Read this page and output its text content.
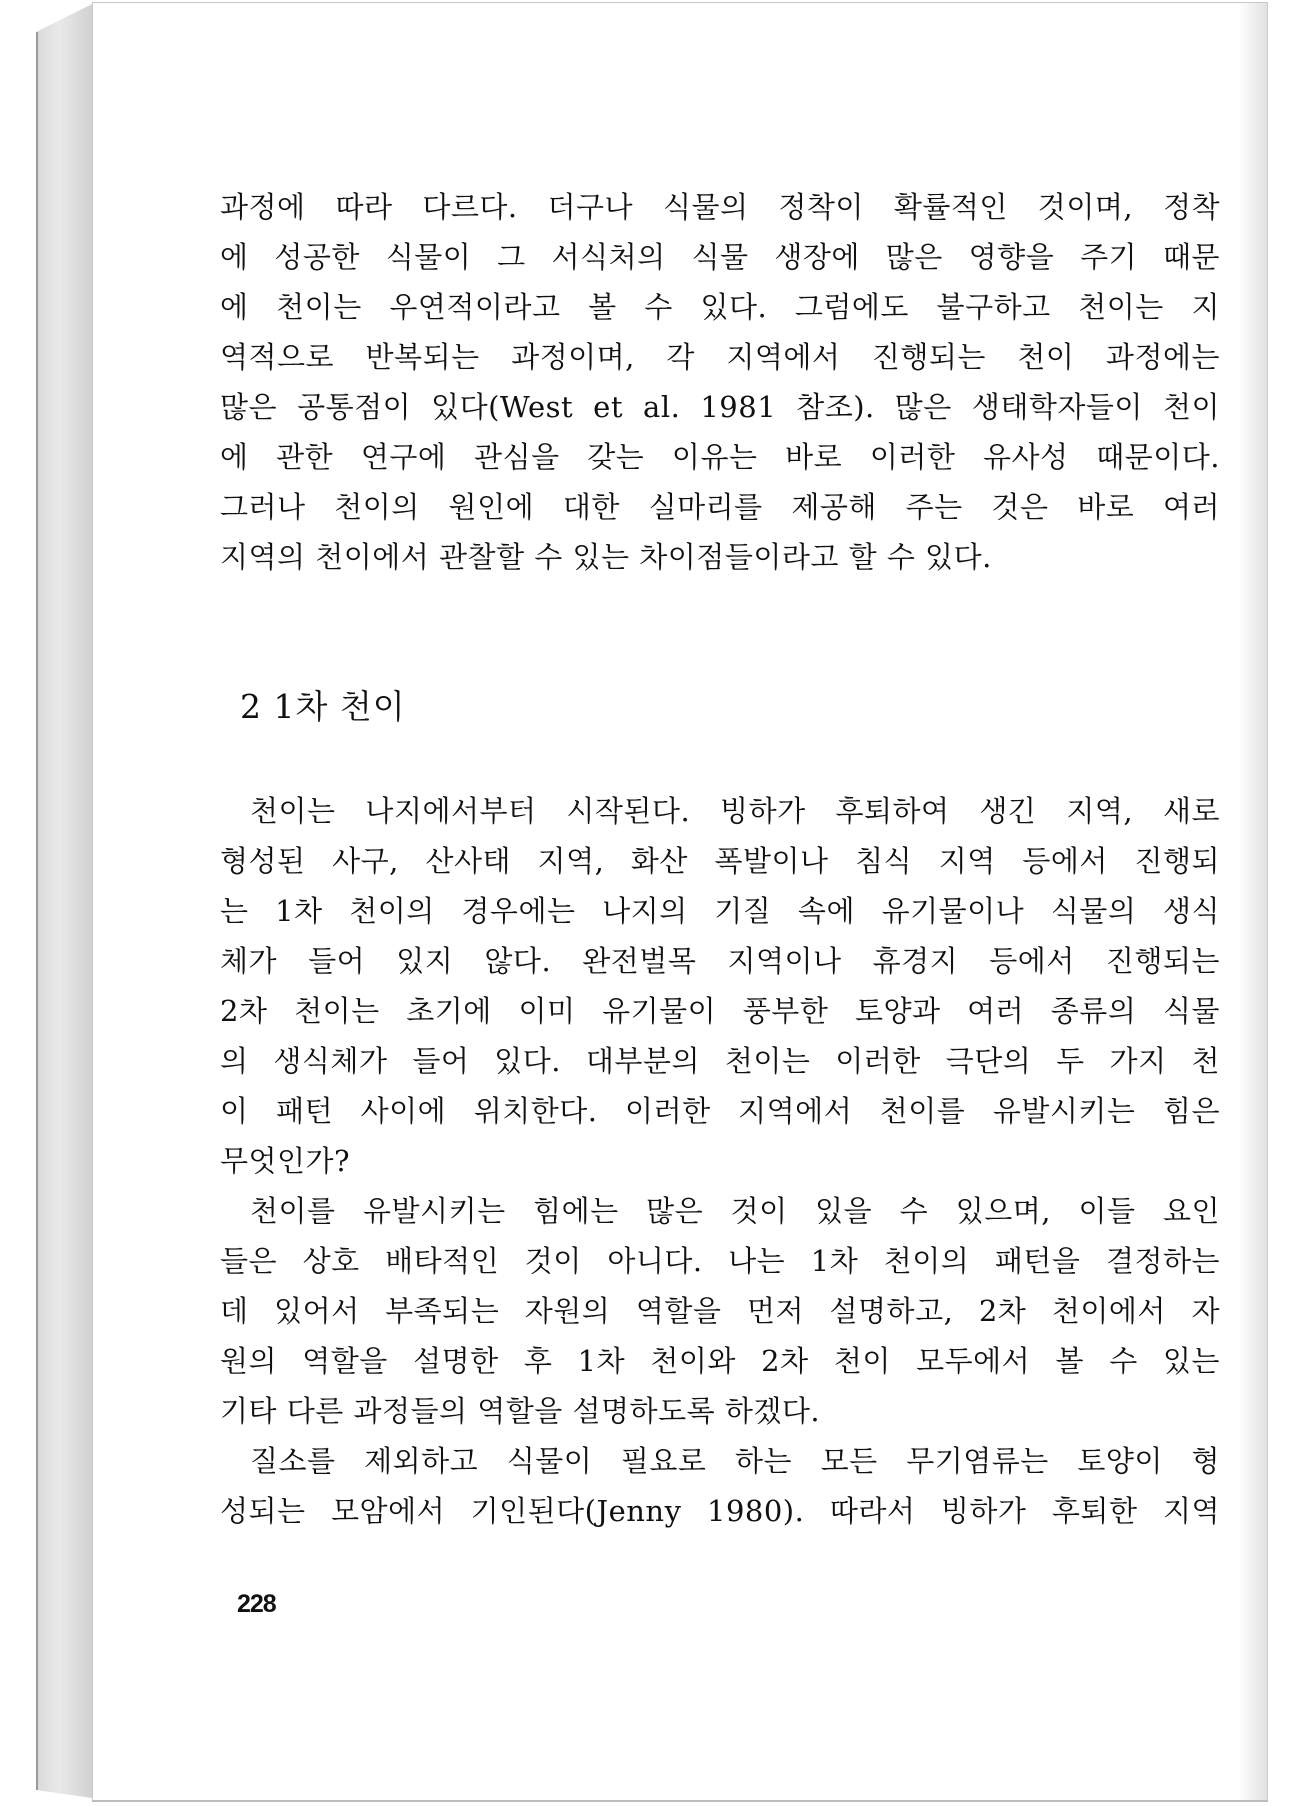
과정에 따라 다르다. 더구나 식물의 정착이 확률적인 것이며, 정착
에 성공한 식물이 그 서식처의 식물 생장에 많은 영향을 주기 때문
에 천이는 우연적이라고 볼 수 있다. 그럼에도 불구하고 천이는 지
역적으로 반복되는 과정이며, 각 지역에서 진행되는 천이 과정에는
많은 공통점이 있다(West et al. 1981 참조). 많은 생태학자들이 천이
에 관한 연구에 관심을 갖는 이유는 바로 이러한 유사성 때문이다.
그러나 천이의 원인에 대한 실마리를 제공해 주는 것은 바로 여러
지역의 천이에서 관찰할 수 있는 차이점들이라고 할 수 있다.
2 1차 천이
천이는 나지에서부터 시작된다. 빙하가 후퇴하여 생긴 지역, 새로
형성된 사구, 산사태 지역, 화산 폭발이나 침식 지역 등에서 진행되
는 1차 천이의 경우에는 나지의 기질 속에 유기물이나 식물의 생식
체가 들어 있지 않다. 완전벌목 지역이나 휴경지 등에서 진행되는
2차 천이는 초기에 이미 유기물이 풍부한 토양과 여러 종류의 식물
의 생식체가 들어 있다. 대부분의 천이는 이러한 극단의 두 가지 천
이 패턴 사이에 위치한다. 이러한 지역에서 천이를 유발시키는 힘은
무엇인가?
천이를 유발시키는 힘에는 많은 것이 있을 수 있으며, 이들 요인
들은 상호 배타적인 것이 아니다. 나는 1차 천이의 패턴을 결정하는
데 있어서 부족되는 자원의 역할을 먼저 설명하고, 2차 천이에서 자
원의 역할을 설명한 후 1차 천이와 2차 천이 모두에서 볼 수 있는
기타 다른 과정들의 역할을 설명하도록 하겠다.
질소를 제외하고 식물이 필요로 하는 모든 무기염류는 토양이 형
성되는 모암에서 기인된다(Jenny 1980). 따라서 빙하가 후퇴한 지역
228
